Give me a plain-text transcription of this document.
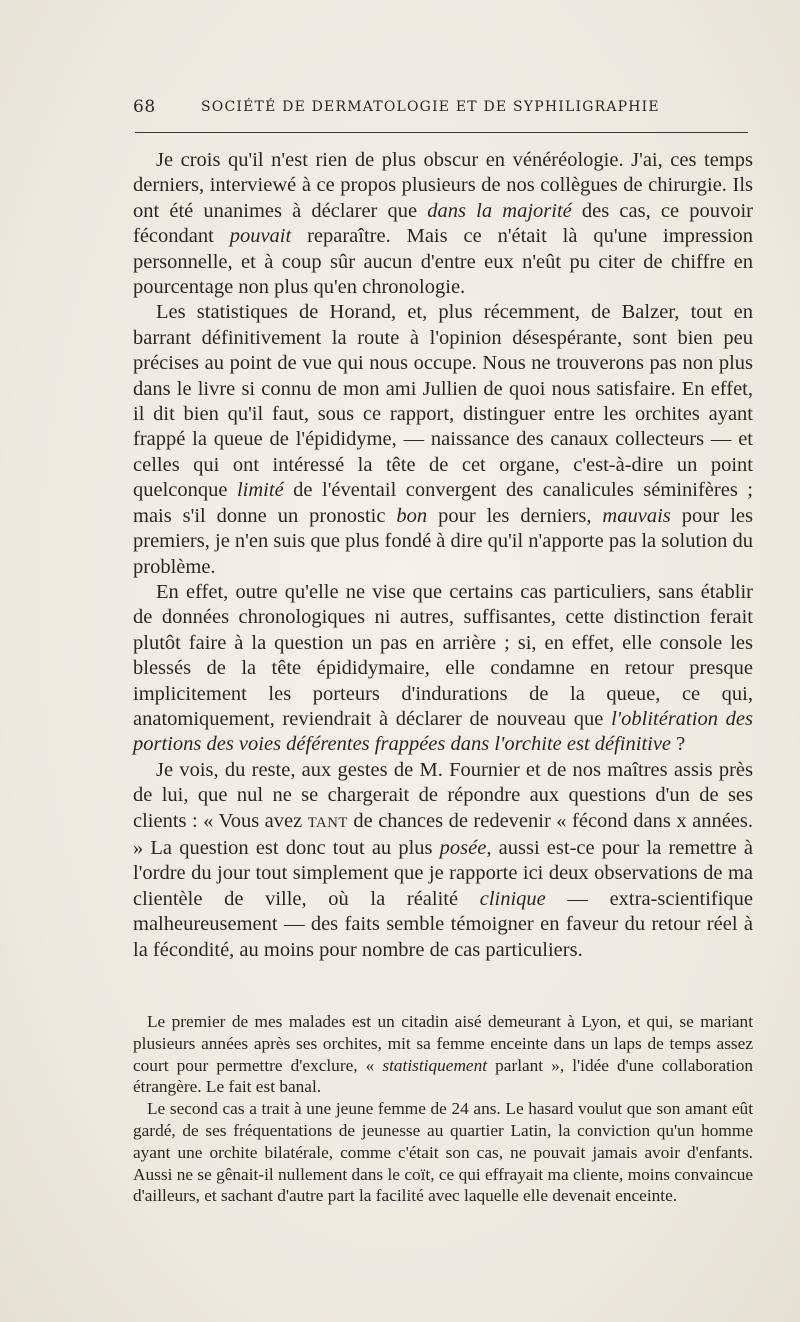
68	SOCIÉTÉ DE DERMATOLOGIE ET DE SYPHILIGRAPHIE

Je crois qu'il n'est rien de plus obscur en vénéréologie. J'ai, ces temps derniers, interviewé à ce propos plusieurs de nos collègues de chirurgie. Ils ont été unanimes à déclarer que dans la majorité des cas, ce pouvoir fécondant pouvait reparaître. Mais ce n'était là qu'une impression personnelle, et à coup sûr aucun d'entre eux n'eût pu citer de chiffre en pourcentage non plus qu'en chronologie.

Les statistiques de Horand, et, plus récemment, de Balzer, tout en barrant définitivement la route à l'opinion désespérante, sont bien peu précises au point de vue qui nous occupe. Nous ne trouverons pas non plus dans le livre si connu de mon ami Jullien de quoi nous satisfaire. En effet, il dit bien qu'il faut, sous ce rapport, distinguer entre les orchites ayant frappé la queue de l'épididyme, — naissance des canaux collecteurs — et celles qui ont intéressé la tête de cet organe, c'est-à-dire un point quelconque limité de l'éventail convergent des canalicules séminifères ; mais s'il donne un pronostic bon pour les derniers, mauvais pour les premiers, je n'en suis que plus fondé à dire qu'il n'apporte pas la solution du problème.

En effet, outre qu'elle ne vise que certains cas particuliers, sans établir de données chronologiques ni autres, suffisantes, cette distinction ferait plutôt faire à la question un pas en arrière ; si, en effet, elle console les blessés de la tête épididymaire, elle condamne en retour presque implicitement les porteurs d'indurations de la queue, ce qui, anatomiquement, reviendrait à déclarer de nouveau que l'oblitération des portions des voies déférentes frappées dans l'orchite est définitive ?

Je vois, du reste, aux gestes de M. Fournier et de nos maîtres assis près de lui, que nul ne se chargerait de répondre aux questions d'un de ses clients : « Vous avez TANT de chances de redevenir « fécond dans x années. » La question est donc tout au plus posée, aussi est-ce pour la remettre à l'ordre du jour tout simplement que je rapporte ici deux observations de ma clientèle de ville, où la réalité clinique — extra-scientifique malheureusement — des faits semble témoigner en faveur du retour réel à la fécondité, au moins pour nombre de cas particuliers.

Le premier de mes malades est un citadin aisé demeurant à Lyon, et qui, se mariant plusieurs années après ses orchites, mit sa femme enceinte dans un laps de temps assez court pour permettre d'exclure, « statistiquement parlant », l'idée d'une collaboration étrangère. Le fait est banal.

Le second cas a trait à une jeune femme de 24 ans. Le hasard voulut que son amant eût gardé, de ses fréquentations de jeunesse au quartier Latin, la conviction qu'un homme ayant une orchite bilatérale, comme c'était son cas, ne pouvait jamais avoir d'enfants. Aussi ne se gênait-il nullement dans le coït, ce qui effrayait ma cliente, moins convaincue d'ailleurs, et sachant d'autre part la facilité avec laquelle elle devenait enceinte.
